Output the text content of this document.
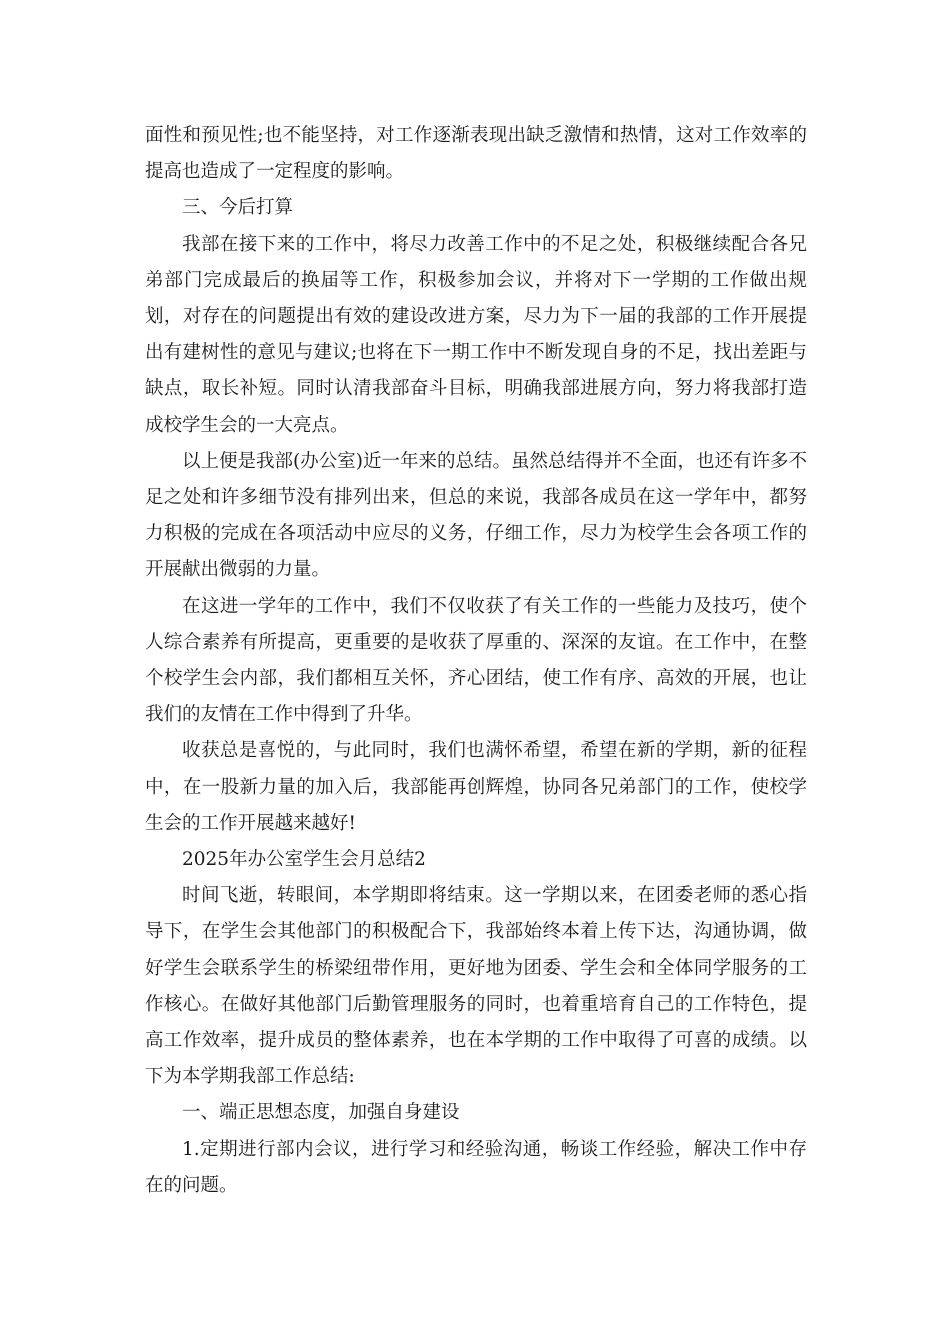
面性和预见性;也不能坚持，对工作逐渐表现出缺乏激情和热情，这对工作效率的提高也造成了一定程度的影响。

三、今后打算

我部在接下来的工作中，将尽力改善工作中的不足之处，积极继续配合各兄弟部门完成最后的换届等工作，积极参加会议，并将对下一学期的工作做出规划，对存在的问题提出有效的建设改进方案，尽力为下一届的我部的工作开展提出有建树性的意见与建议;也将在下一期工作中不断发现自身的不足，找出差距与缺点，取长补短。同时认清我部奋斗目标，明确我部进展方向，努力将我部打造成校学生会的一大亮点。

以上便是我部(办公室)近一年来的总结。虽然总结得并不全面，也还有许多不足之处和许多细节没有排列出来，但总的来说，我部各成员在这一学年中，都努力积极的完成在各项活动中应尽的义务，仔细工作，尽力为校学生会各项工作的开展献出微弱的力量。

在这进一学年的工作中，我们不仅收获了有关工作的一些能力及技巧，使个人综合素养有所提高，更重要的是收获了厚重的、深深的友谊。在工作中，在整个校学生会内部，我们都相互关怀，齐心团结，使工作有序、高效的开展，也让我们的友情在工作中得到了升华。

收获总是喜悦的，与此同时，我们也满怀希望，希望在新的学期，新的征程中，在一股新力量的加入后，我部能再创辉煌，协同各兄弟部门的工作，使校学生会的工作开展越来越好!

2025年办公室学生会月总结2

时间飞逝，转眼间，本学期即将结束。这一学期以来，在团委老师的悉心指导下，在学生会其他部门的积极配合下，我部始终本着上传下达，沟通协调，做好学生会联系学生的桥梁纽带作用，更好地为团委、学生会和全体同学服务的工作核心。在做好其他部门后勤管理服务的同时，也着重培育自己的工作特色，提高工作效率，提升成员的整体素养，也在本学期的工作中取得了可喜的成绩。以下为本学期我部工作总结:

一、端正思想态度，加强自身建设

1.定期进行部内会议，进行学习和经验沟通，畅谈工作经验，解决工作中存在的问题。
